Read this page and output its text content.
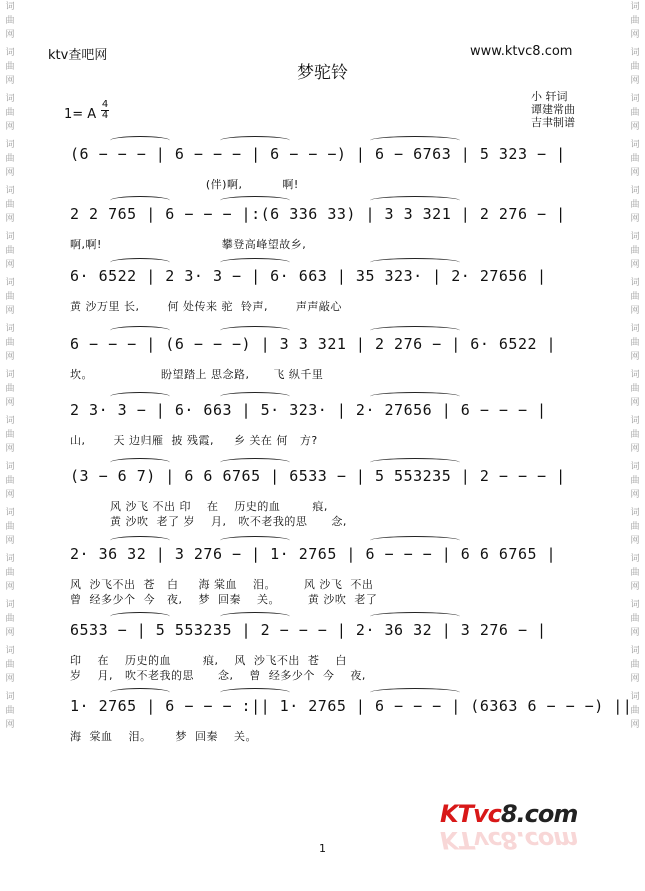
词
曲
网
词
曲
网
词
曲
网
词
曲
网
词
曲
网
词
曲
网
词
曲
网
词
曲
网
词
曲
网
词
曲
网
词
曲
网
词
曲
网
词
曲
网
词
曲
网
词
曲
网
词
曲
网
词
曲
网
词
曲
网
词
曲
网
词
曲
网
词
曲
网
词
曲
网
词
曲
网
词
曲
网
词
曲
网
词
曲
网
词
曲
网
词
曲
网
词
曲
网
词
曲
网
词
曲
网
词
曲
网
ktv查吧网	www.ktvc8.com
梦驼铃
小 轩词
谭建常曲
吉聿制谱
1= A
4
4
(6 − − − | 6 − − − | 6 − − −) | 6 − 6763 | 5 323 − |
(伴)啊,          啊!
2 2 765 | 6 − − − |:(6 336 33) | 3 3 321 | 2 276 − |
啊,啊!                              攀登高峰望故乡,
6· 6522 | 2 3· 3 − | 6· 663 | 35 323· | 2· 27656 |
黄 沙万里 长,       何 处传来 驼  铃声,       声声敲心
6 − − − | (6 − − −) | 3 3 321 | 2 276 − | 6· 6522 |
坎。                 盼望踏上 思念路,      飞 纵千里
2 3· 3 − | 6· 663 | 5· 323· | 2· 27656 | 6 − − − |
山,       天 边归雁  披 残霞,     乡 关在 何   方?
(3 − 6 7) | 6 6 6765 | 6533 − | 5 553235 | 2 − − − |
风 沙飞 不出 印    在    历史的血        痕,
黄 沙吹  老了 岁    月,   吹不老我的思      念,
2· 36 32 | 3 276 − | 1· 2765 | 6 − − − | 6 6 6765 |
风  沙飞不出  苍   白     海 棠血    泪。       风 沙飞  不出
曾  经多少个  今   夜,    梦  回秦    关。       黄 沙吹  老了
6533 − | 5 553235 | 2 − − − | 2· 36 32 | 3 276 − |
印    在    历史的血        痕,    风  沙飞不出  苍    白
岁    月,   吹不老我的思      念,    曾  经多少个  今    夜,
1· 2765 | 6 − − − :|| 1· 2765 | 6 − − − | (6363 6 − − −) ||
海  棠血    泪。      梦  回秦    关。
1
KTvc8.com
KTvc8.com
